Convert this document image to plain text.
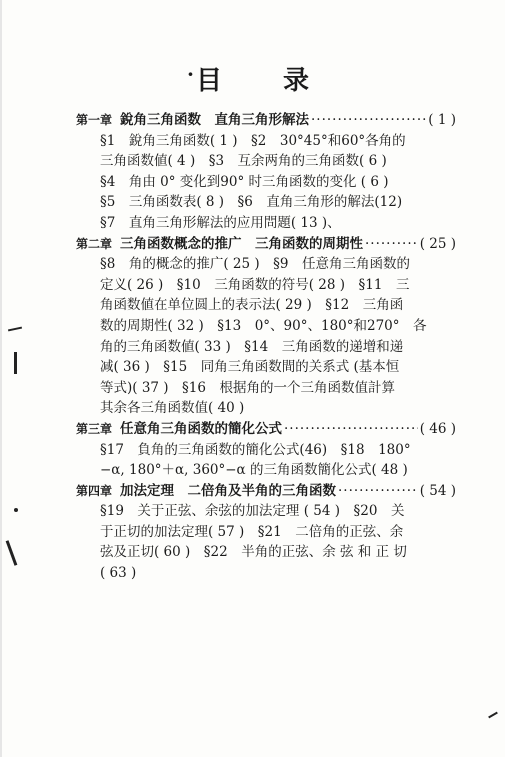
· 目 录
第一章 銳角三角函数　直角三角形解法 ·····	( 1 )
§1　銳角三角函数( 1 )　§2　30°45°和60°各角的
三角函数値( 4 )　§3　互余两角的三角函数( 6 )
§4　角由 0° 变化到90° 时三角函数的变化 ( 6 )
§5　三角函数表( 8 )　§6　直角三角形的解法(12)
§7　直角三角形解法的应用問題( 13 )、
第二章 三角函数概念的推广　三角函数的周期性 ·····	( 25 )
§8　角的概念的推广( 25 )　§9　任意角三角函数的
定义( 26 )　§10　三角函数的符号( 28 )　§11　三
角函数値在单位圆上的表示法( 29 )　§12　三角函
数的周期性( 32 )　§13　0°、90°、180°和270°　各
角的三角函数値( 33 )　§14　三角函数的递增和递
减( 36 )　§15　同角三角函数間的关系式 (基本恒
等式)( 37 )　§16　根据角的一个三角函数值計算
其余各三角函数值( 40 )
第三章 任意角三角函数的簡化公式 ·····	( 46 )
§17　負角的三角函数的簡化公式(46)　§18　180°
−α, 180°＋α, 360°−α 的三角函数簡化公式( 48 )
第四章 加法定理　二倍角及半角的三角函数 ·····	( 54 )
§19　关于正弦、余弦的加法定理 ( 54 )　§20　关
于正切的加法定理( 57 )　§21　二倍角的正弦、余
弦及正切( 60 )　§22　半角的正弦、余 弦 和 正 切
( 63 )
